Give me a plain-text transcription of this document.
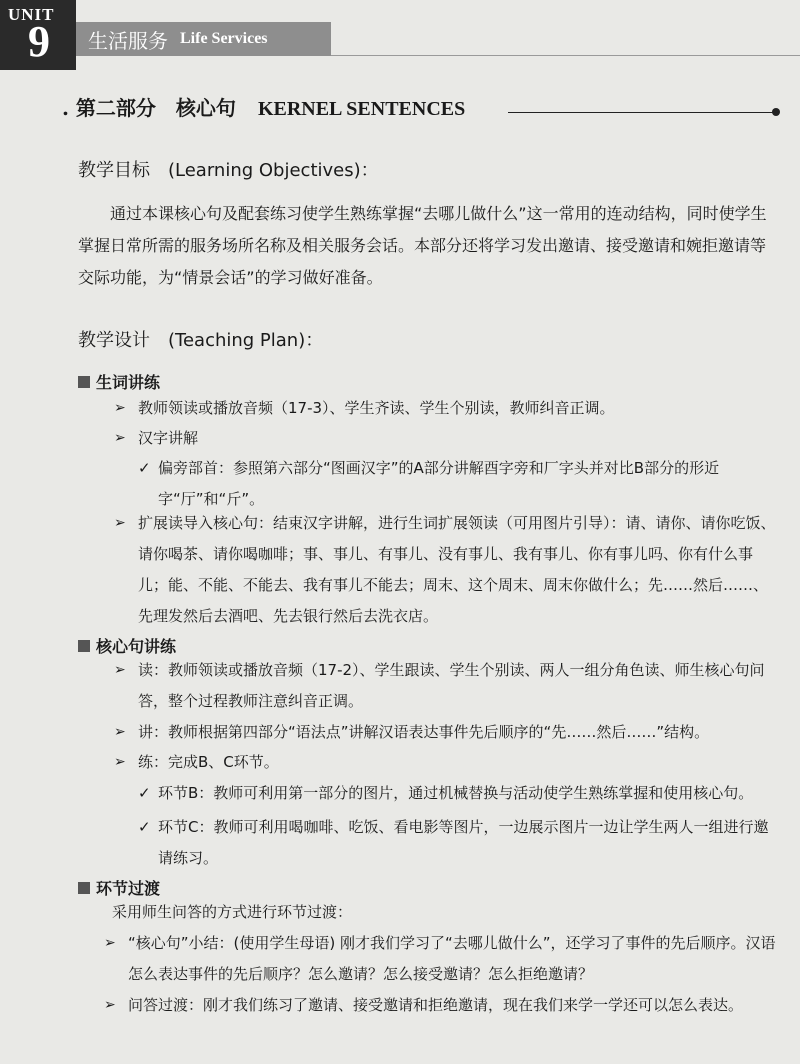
UNIT
9 生活服务 Life Services
. 第二部分　核心句 KERNEL SENTENCES
教学目标　(Learning Objectives)：

通过本课核心句及配套练习使学生熟练掌握“去哪儿做什么”这一常用的连动结构，同时使学生掌握日常所需的服务场所名称及相关服务会话。本部分还将学习发出邀请、接受邀请和婉拒邀请等交际功能，为“情景会话”的学习做好准备。

教学设计　(Teaching Plan)：
生词讲练

➢ 教师领读或播放音频（17-3）、学生齐读、学生个别读，教师纠音正调。

➢ 汉字讲解

✓ 偏旁部首：参照第六部分“图画汉字”的A部分讲解酉字旁和厂字头并对比B部分的形近字“厅”和“斤”。

➢ 扩展读导入核心句：结束汉字讲解，进行生词扩展领读（可用图片引导）：请、请你、请你吃饭、请你喝茶、请你喝咖啡；事、事儿、有事儿、没有事儿、我有事儿、你有事儿吗、你有什么事儿；能、不能、不能去、我有事儿不能去；周末、这个周末、周末你做什么；先……然后……、先理发然后去酒吧、先去银行然后去洗衣店。

核心句讲练

➢ 读：教师领读或播放音频（17-2）、学生跟读、学生个别读、两人一组分角色读、师生核心句问答，整个过程教师注意纠音正调。

➢ 讲：教师根据第四部分“语法点”讲解汉语表达事件先后顺序的“先……然后……”结构。

➢ 练：完成B、C环节。

✓ 环节B：教师可利用第一部分的图片，通过机械替换与活动使学生熟练掌握和使用核心句。

✓ 环节C：教师可利用喝咖啡、吃饭、看电影等图片，一边展示图片一边让学生两人一组进行邀请练习。

环节过渡

采用师生问答的方式进行环节过渡：

➢ “核心句”小结：(使用学生母语) 刚才我们学习了“去哪儿做什么”，还学习了事件的先后顺序。汉语怎么表达事件的先后顺序？怎么邀请？怎么接受邀请？怎么拒绝邀请？

➢ 问答过渡：刚才我们练习了邀请、接受邀请和拒绝邀请，现在我们来学一学还可以怎么表达。
